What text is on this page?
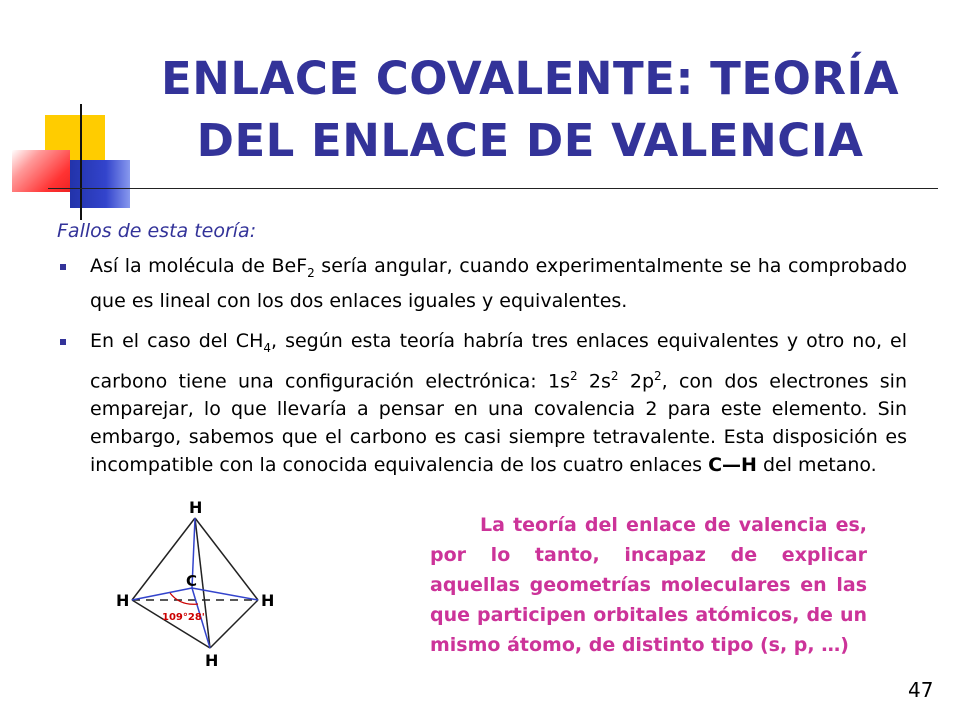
ENLACE COVALENTE: TEORÍA
DEL ENLACE DE VALENCIA
Fallos de esta teoría:
Así la molécula de BeF$_2$ sería angular, cuando experimentalmente se ha comprobado que es lineal con los dos enlaces iguales y equivalentes.
En el caso del $CH_4$, según esta teoría habría tres enlaces equivalentes y otro no, el carbono tiene una configuración electrónica: $1s^2$ $2s^2$ $2p^2$, con dos electrones sin emparejar, lo que llevaría a pensar en una covalencia 2 para este elemento. Sin embargo, sabemos que el carbono es casi siempre tetravalente. Esta disposición es incompatible con la conocida equivalencia de los cuatro enlaces C—H del metano.
H
H	H
H
C
109°28'

La teoría del enlace de valencia es, por lo tanto, incapaz de explicar aquellas geometrías moleculares en las que participen orbitales atómicos, de un mismo átomo, de distinto tipo (s, p, …)

47
